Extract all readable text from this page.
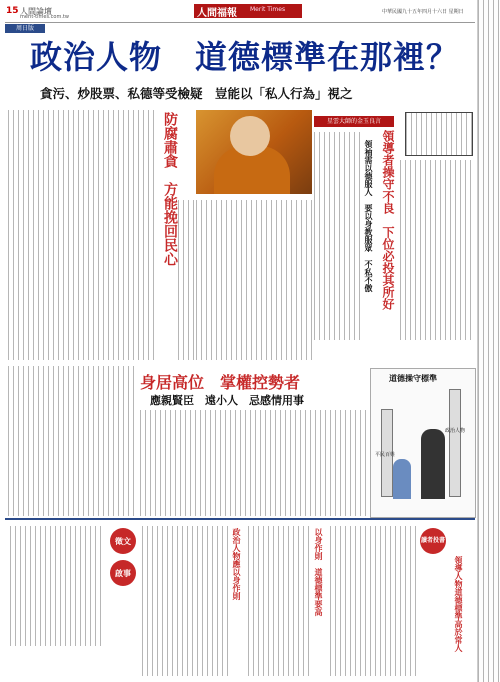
15 人間論壇
merit-times.com.tw	人間福報 Merit Times	中華民國九十五年四月十六日 星期日
周日版
政治人物　道德標準在那裡？
貪污、炒股票、私德等受檢疑　豈能以「私人行為」視之
防腐肅貪　方能挽回民心	星雲大師的金玉良言
領導者操守不良　下位必投其所好
領袖需以德服人　要以身教服眾　不私不傲
身居高位　掌權控勢者
應親賢臣　遠小人　忌感情用事
道德操守標準
平民百姓
政治人物
徵文
啟事	政治人物應以身作則	以身作則　道德標準要高	讀者投書
領導人物道德標準高於常人
